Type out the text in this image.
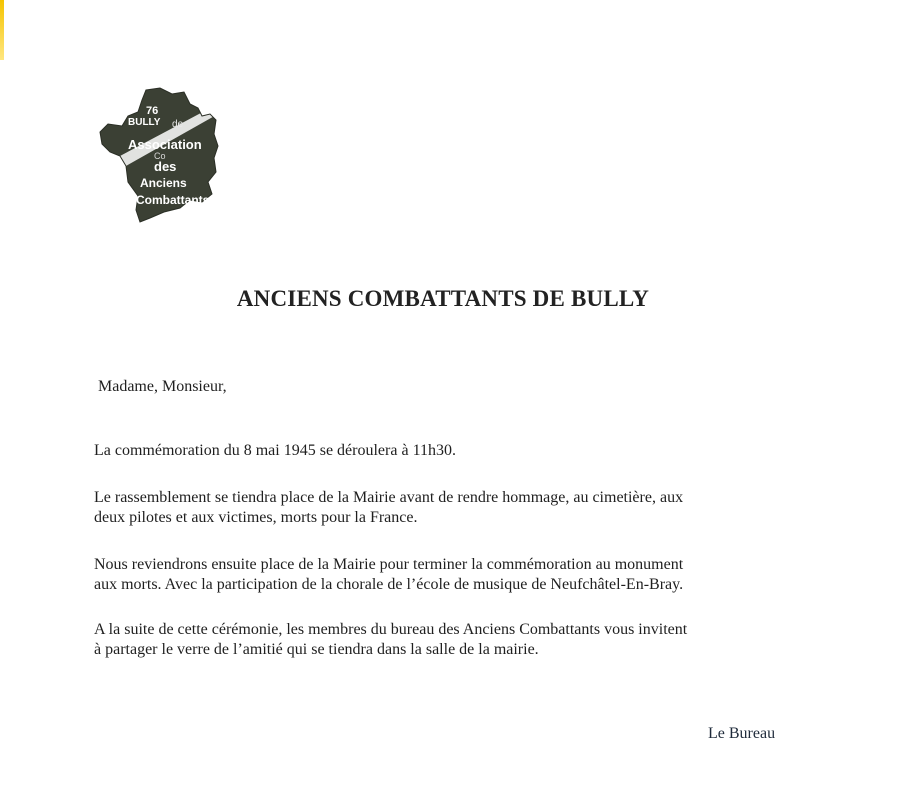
76
BULLY de
Association
Co
des
Anciens
Combattants
ANCIENS COMBATTANTS DE BULLY
Madame, Monsieur,
La commémoration du 8 mai 1945 se déroulera à 11h30.
Le rassemblement se tiendra place de la Mairie avant de rendre hommage, au cimetière, aux
deux pilotes et aux victimes, morts pour la France.
Nous reviendrons ensuite place de la Mairie pour terminer la commémoration au monument
aux morts. Avec la participation de la chorale de l’école de musique de Neufchâtel-En-Bray.
A la suite de cette cérémonie, les membres du bureau des Anciens Combattants vous invitent
à partager le verre de l’amitié qui se tiendra dans la salle de la mairie.
Le Bureau
